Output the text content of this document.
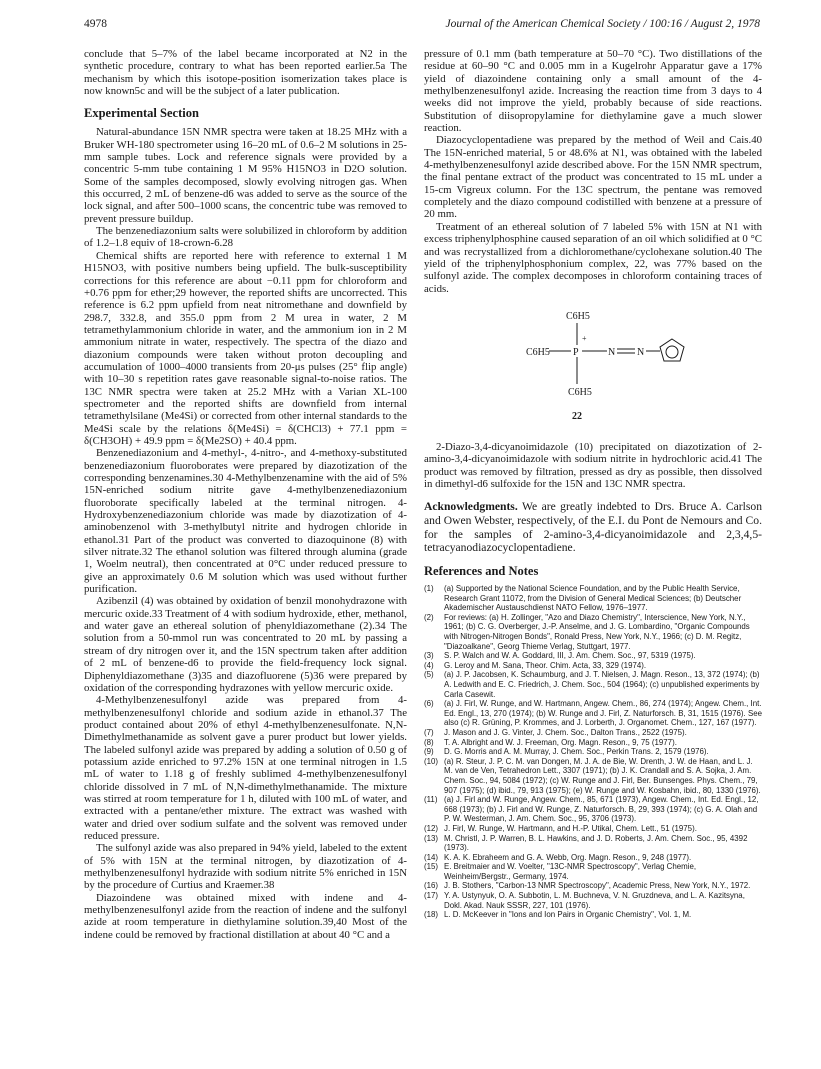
4978	Journal of the American Chemical Society / 100:16 / August 2, 1978

conclude that 5–7% of the label became incorporated at N2 in the synthetic procedure, contrary to what has been reported earlier.5a The mechanism by which this isotope-position isomerization takes place is now known5c and will be the subject of a later publication.

Experimental Section

Natural-abundance 15N NMR spectra were taken at 18.25 MHz with a Bruker WH-180 spectrometer using 16–20 mL of 0.6–2 M solutions in 25-mm sample tubes. Lock and reference signals were provided by a concentric 5-mm tube containing 1 M 95% H15NO3 in D2O solution. Some of the samples decomposed, slowly evolving nitrogen gas. When this occurred, 2 mL of benzene-d6 was added to serve as the source of the lock signal, and after 500–1000 scans, the concentric tube was removed to prevent pressure buildup.

The benzenediazonium salts were solubilized in chloroform by addition of 1.2–1.8 equiv of 18-crown-6.28

Chemical shifts are reported here with reference to external 1 M H15NO3, with positive numbers being upfield. The bulk-susceptibility corrections for this reference are about −0.11 ppm for chloroform and +0.76 ppm for ether;29 however, the reported shifts are uncorrected. This reference is 6.2 ppm upfield from neat nitromethane and downfield by 298.7, 332.8, and 355.0 ppm from 2 M urea in water, 2 M tetramethylammonium chloride in water, and the ammonium ion in 2 M ammonium nitrate in water, respectively. The spectra of the diazo and diazonium compounds were taken without proton decoupling and accumulation of 1000–4000 transients from 20-μs pulses (25° flip angle) with 10–30 s repetition rates gave reasonable signal-to-noise ratios. The 13C NMR spectra were taken at 25.2 MHz with a Varian XL-100 spectrometer and the reported shifts are downfield from internal tetramethylsilane (Me4Si) or corrected from other internal standards to the Me4Si scale by the relations δ(Me4Si) = δ(CHCl3) + 77.1 ppm = δ(CH3OH) + 49.9 ppm = δ(Me2SO) + 40.4 ppm.

Benzenediazonium and 4-methyl-, 4-nitro-, and 4-methoxy-substituted benzenediazonium fluoroborates were prepared by diazotization of the corresponding benzenamines.30 4-Methylbenzenamine with the aid of 5% 15N-enriched sodium nitrite gave 4-methylbenzenediazonium fluoroborate specifically labeled at the terminal nitrogen. 4-Hydroxybenzenediazonium chloride was made by diazotization of 4-aminobenzenol with 3-methylbutyl nitrite and hydrogen chloride in ethanol.31 Part of the product was converted to diazoquinone (8) with silver nitrate.32 The ethanol solution was filtered through alumina (grade 1, Woelm neutral), then concentrated at 0°C under reduced pressure to give an approximately 0.6 M solution which was used without further purification.

Azibenzil (4) was obtained by oxidation of benzil monohydrazone with mercuric oxide.33 Treatment of 4 with sodium hydroxide, ether, methanol, and water gave an ethereal solution of phenyldiazomethane (2).34 The solution from a 50-mmol run was concentrated to 20 mL by passing a stream of dry nitrogen over it, and the 15N spectrum taken after addition of 2 mL of benzene-d6 to provide the field-frequency lock signal. Diphenyldiazomethane (3)35 and diazofluorene (5)36 were prepared by oxidation of the corresponding hydrazones with yellow mercuric oxide.

4-Methylbenzenesulfonyl azide was prepared from 4-methylbenzenesulfonyl chloride and sodium azide in ethanol.37 The product contained about 20% of ethyl 4-methylbenzenesulfonate. N,N-Dimethylmethanamide as solvent gave a purer product but lower yields. The labeled sulfonyl azide was prepared by adding a solution of 0.50 g of potassium azide enriched to 97.2% 15N at one terminal nitrogen in 1.5 mL of water to 1.18 g of freshly sublimed 4-methylbenzenesulfonyl chloride dissolved in 7 mL of N,N-dimethylmethanamide. The mixture was stirred at room temperature for 1 h, diluted with 100 mL of water, and extracted with a pentane/ether mixture. The extract was washed with water and dried over sodium sulfate and the solvent was removed under reduced pressure.

The sulfonyl azide was also prepared in 94% yield, labeled to the extent of 5% with 15N at the terminal nitrogen, by diazotization of 4-methylbenzenesulfonyl hydrazide with sodium nitrite 5% enriched in 15N by the procedure of Curtius and Kraemer.38

Diazoindene was obtained mixed with indene and 4-methylbenzenesulfonyl azide from the reaction of indene and the sulfonyl azide at room temperature in diethylamine solution.39,40 Most of the indene could be removed by fractional distillation at about 40 °C and a

pressure of 0.1 mm (bath temperature at 50–70 °C). Two distillations of the residue at 60–90 °C and 0.005 mm in a Kugelrohr Apparatur gave a 17% yield of diazoindene containing only a small amount of the 4-methylbenzenesulfonyl azide. Increasing the reaction time from 3 days to 4 weeks did not improve the yield, probably because of side reactions. Substitution of diisopropylamine for diethylamine gave a much slower reaction.

Diazocyclopentadiene was prepared by the method of Weil and Cais.40 The 15N-enriched material, 5 or 48.6% at N1, was obtained with the labeled 4-methylbenzenesulfonyl azide described above. For the 15N NMR spectrum, the final pentane extract of the product was concentrated to 15 mL under a 15-cm Vigreux column. For the 13C spectrum, the pentane was removed completely and the diazo compound codistilled with benzene at a pressure of 20 mm.

Treatment of an ethereal solution of 7 labeled 5% with 15N at N1 with excess triphenylphosphine caused separation of an oil which solidified at 0 °C and was recrystallized from a dichloromethane/cyclohexane solution.40 The yield of the triphenylphosphonium complex, 22, was 77% based on the sulfonyl azide. The complex decomposes in chloroform containing traces of acids.

C6H5
+
C6H5 P	N N
C6H5
22

2-Diazo-3,4-dicyanoimidazole (10) precipitated on diazotization of 2-amino-3,4-dicyanoimidazole with sodium nitrite in hydrochloric acid.41 The product was removed by filtration, pressed as dry as possible, then dissolved in dimethyl-d6 sulfoxide for the 15N and 13C NMR spectra.

Acknowledgments. We are greatly indebted to Drs. Bruce A. Carlson and Owen Webster, respectively, of the E.I. du Pont de Nemours and Co. for the samples of 2-amino-3,4-dicyanoimidazole and 2,3,4,5-tetracyanodiazocyclopentadiene.

References and Notes
(1) (a) Supported by the National Science Foundation, and by the Public Health Service, Research Grant 11072, from the Division of General Medical Sciences; (b) Deutscher Akademischer Austauschdienst NATO Fellow, 1976–1977.
(2) For reviews: (a) H. Zollinger, "Azo and Diazo Chemistry", Interscience, New York, N.Y., 1961; (b) C. G. Overberger, J.-P. Anselme, and J. G. Lombardino, "Organic Compounds with Nitrogen-Nitrogen Bonds", Ronald Press, New York, N.Y., 1966; (c) D. M. Regitz, "Diazoalkane", Georg Thieme Verlag, Stuttgart, 1977.
(3) S. P. Walch and W. A. Goddard, III, J. Am. Chem. Soc., 97, 5319 (1975).
(4) G. Leroy and M. Sana, Theor. Chim. Acta, 33, 329 (1974).
(5) (a) J. P. Jacobsen, K. Schaumburg, and J. T. Nielsen, J. Magn. Reson., 13, 372 (1974); (b) A. Ledwith and E. C. Friedrich, J. Chem. Soc., 504 (1964); (c) unpublished experiments by Carla Casewit.
(6) (a) J. Firl, W. Runge, and W. Hartmann, Angew. Chem., 86, 274 (1974); Angew. Chem., Int. Ed. Engl., 13, 270 (1974); (b) W. Runge and J. Firl, Z. Naturforsch. B, 31, 1515 (1976). See also (c) R. Grüning, P. Krommes, and J. Lorberth, J. Organomet. Chem., 127, 167 (1977).
(7) J. Mason and J. G. Vinter, J. Chem. Soc., Dalton Trans., 2522 (1975).
(8) T. A. Albright and W. J. Freeman, Org. Magn. Reson., 9, 75 (1977).
(9) D. G. Morris and A. M. Murray, J. Chem. Soc., Perkin Trans. 2, 1579 (1976).
(10) (a) R. Steur, J. P. C. M. van Dongen, M. J. A. de Bie, W. Drenth, J. W. de Haan, and L. J. M. van de Ven, Tetrahedron Lett., 3307 (1971); (b) J. K. Crandall and S. A. Sojka, J. Am. Chem. Soc., 94, 5084 (1972); (c) W. Runge and J. Firl, Ber. Bunsenges. Phys. Chem., 79, 907 (1975); (d) ibid., 79, 913 (1975); (e) W. Runge and W. Kosbahn, ibid., 80, 1330 (1976).
(11) (a) J. Firl and W. Runge, Angew. Chem., 85, 671 (1973), Angew. Chem., Int. Ed. Engl., 12, 668 (1973); (b) J. Firl and W. Runge, Z. Naturforsch. B, 29, 393 (1974); (c) G. A. Olah and P. W. Westerman, J. Am. Chem. Soc., 95, 3706 (1973).
(12) J. Firl, W. Runge, W. Hartmann, and H.-P. Utikal, Chem. Lett., 51 (1975).
(13) M. Christl, J. P. Warren, B. L. Hawkins, and J. D. Roberts, J. Am. Chem. Soc., 95, 4392 (1973).
(14) K. A. K. Ebraheem and G. A. Webb, Org. Magn. Reson., 9, 248 (1977).
(15) E. Breitmaier and W. Voelter, "13C-NMR Spectroscopy", Verlag Chemie, Weinheim/Bergstr., Germany, 1974.
(16) J. B. Stothers, "Carbon-13 NMR Spectroscopy", Academic Press, New York, N.Y., 1972.
(17) Y. A. Ustynyuk, O. A. Subbotin, L. M. Buchneva, V. N. Gruzdneva, and L. A. Kazitsyna, Dokl. Akad. Nauk SSSR, 227, 101 (1976).
(18) L. D. McKeever in "Ions and Ion Pairs in Organic Chemistry", Vol. 1, M.
